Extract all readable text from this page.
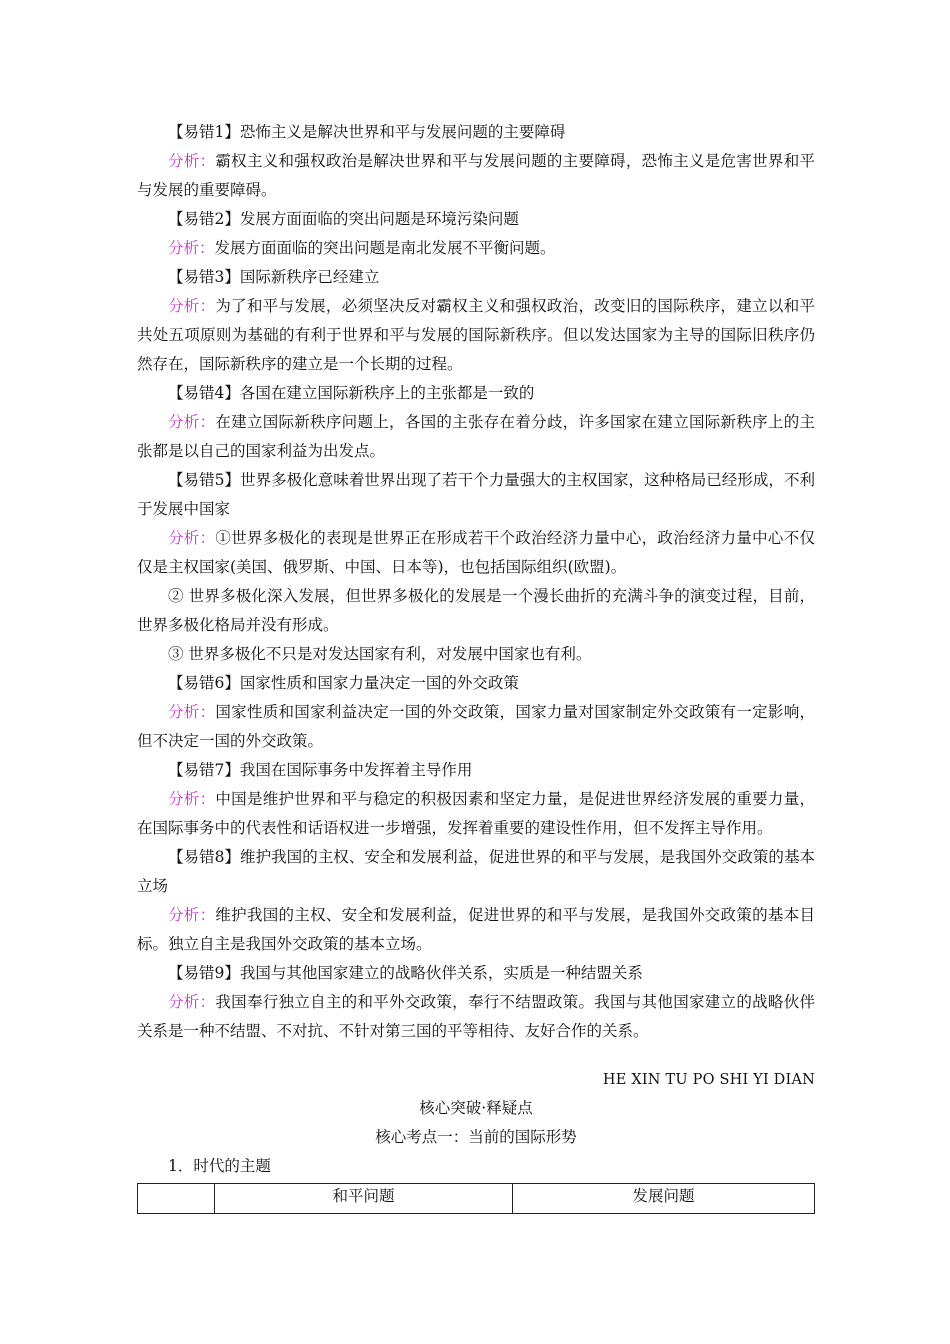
【易错1】恐怖主义是解决世界和平与发展问题的主要障碍

分析：霸权主义和强权政治是解决世界和平与发展问题的主要障碍，恐怖主义是危害世界和平与发展的重要障碍。

【易错2】发展方面面临的突出问题是环境污染问题

分析：发展方面面临的突出问题是南北发展不平衡问题。

【易错3】国际新秩序已经建立

分析：为了和平与发展，必须坚决反对霸权主义和强权政治，改变旧的国际秩序，建立以和平共处五项原则为基础的有利于世界和平与发展的国际新秩序。但以发达国家为主导的国际旧秩序仍然存在，国际新秩序的建立是一个长期的过程。

【易错4】各国在建立国际新秩序上的主张都是一致的

分析：在建立国际新秩序问题上，各国的主张存在着分歧，许多国家在建立国际新秩序上的主张都是以自己的国家利益为出发点。

【易错5】世界多极化意味着世界出现了若干个力量强大的主权国家，这种格局已经形成，不利于发展中国家

分析：①世界多极化的表现是世界正在形成若干个政治经济力量中心，政治经济力量中心不仅仅是主权国家(美国、俄罗斯、中国、日本等)，也包括国际组织(欧盟)。

② 世界多极化深入发展，但世界多极化的发展是一个漫长曲折的充满斗争的演变过程，目前，世界多极化格局并没有形成。

③ 世界多极化不只是对发达国家有利，对发展中国家也有利。

【易错6】国家性质和国家力量决定一国的外交政策

分析：国家性质和国家利益决定一国的外交政策，国家力量对国家制定外交政策有一定影响，但不决定一国的外交政策。

【易错7】我国在国际事务中发挥着主导作用

分析：中国是维护世界和平与稳定的积极因素和坚定力量，是促进世界经济发展的重要力量，在国际事务中的代表性和话语权进一步增强，发挥着重要的建设性作用，但不发挥主导作用。

【易错8】维护我国的主权、安全和发展利益，促进世界的和平与发展，是我国外交政策的基本立场

分析：维护我国的主权、安全和发展利益，促进世界的和平与发展，是我国外交政策的基本目标。独立自主是我国外交政策的基本立场。

【易错9】我国与其他国家建立的战略伙伴关系，实质是一种结盟关系

分析：我国奉行独立自主的和平外交政策，奉行不结盟政策。我国与其他国家建立的战略伙伴关系是一种不结盟、不对抗、不针对第三国的平等相待、友好合作的关系。

HE XIN TU PO SHI YI DIAN

核心突破·释疑点

核心考点一：当前的国际形势

1．时代的主题

	和平问题	发展问题
